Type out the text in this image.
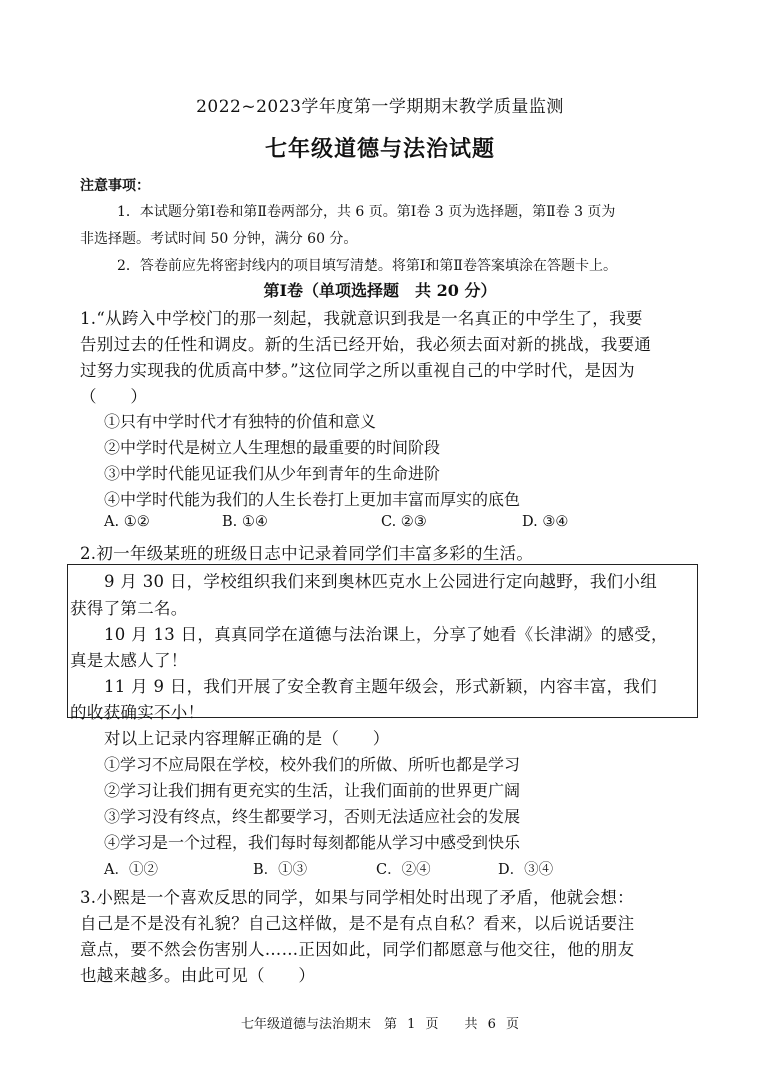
2022~2023学年度第一学期期末教学质量监测
七年级道德与法治试题
注意事项：
1．本试题分第Ⅰ卷和第Ⅱ卷两部分，共 6 页。第Ⅰ卷 3 页为选择题，第Ⅱ卷 3 页为
非选择题。考试时间 50 分钟，满分 60 分。
2．答卷前应先将密封线内的项目填写清楚。将第Ⅰ和第Ⅱ卷答案填涂在答题卡上。
第Ⅰ卷（单项选择题　共 20 分）
1.“从跨入中学校门的那一刻起，我就意识到我是一名真正的中学生了，我要
告别过去的任性和调皮。新的生活已经开始，我必须去面对新的挑战，我要通
过努力实现我的优质高中梦。”这位同学之所以重视自己的中学时代，是因为
（　　）
①只有中学时代才有独特的价值和意义
②中学时代是树立人生理想的最重要的时间阶段
③中学时代能见证我们从少年到青年的生命进阶
④中学时代能为我们的人生长卷打上更加丰富而厚实的底色
A. ①②	B. ①④	C. ②③	D. ③④
2.初一年级某班的班级日志中记录着同学们丰富多彩的生活。
9 月 30 日，学校组织我们来到奥林匹克水上公园进行定向越野，我们小组
获得了第二名。
10 月 13 日，真真同学在道德与法治课上，分享了她看《长津湖》的感受，
真是太感人了！
11 月 9 日，我们开展了安全教育主题年级会，形式新颖，内容丰富，我们
的收获确实不小！
对以上记录内容理解正确的是（　　）
①学习不应局限在学校，校外我们的所做、所听也都是学习
②学习让我们拥有更充实的生活，让我们面前的世界更广阔
③学习没有终点，终生都要学习，否则无法适应社会的发展
④学习是一个过程，我们每时每刻都能从学习中感受到快乐
A．①②	B．①③	C．②④	D．③④
3.小熙是一个喜欢反思的同学，如果与同学相处时出现了矛盾，他就会想：
自己是不是没有礼貌？自己这样做，是不是有点自私？看来，以后说话要注
意点，要不然会伤害别人……正因如此，同学们都愿意与他交往，他的朋友
也越来越多。由此可见（　　）
七年级道德与法治期末　第 1 页　　共 6 页
